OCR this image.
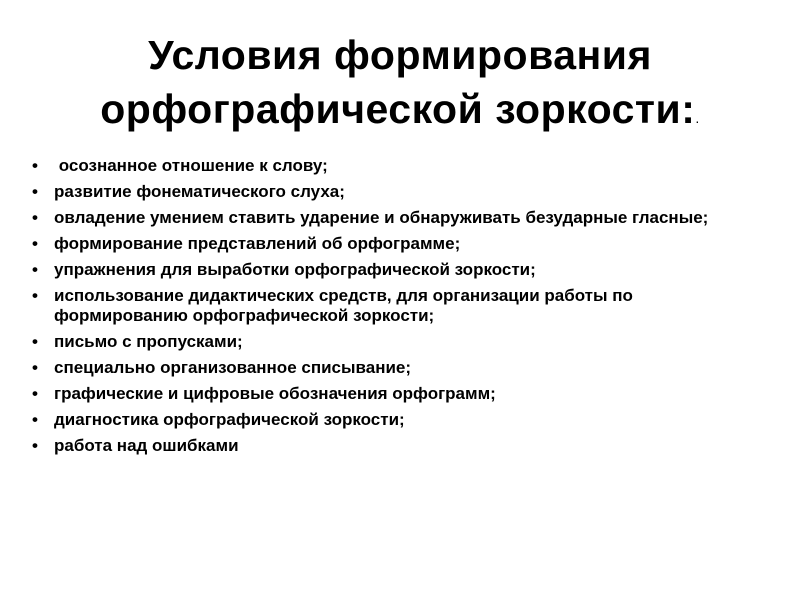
Условия формирования
орфографической зоркости:.
• осознанное отношение к слову;
• развитие фонематического слуха;
• овладение умением ставить ударение и обнаруживать безударные гласные;
• формирование представлений об орфограмме;
• упражнения для выработки орфографической зоркости;
• использование дидактических средств, для организации работы по формированию орфографической зоркости;
• письмо с пропусками;
• специально организованное списывание;
• графические и цифровые обозначения орфограмм;
• диагностика орфографической зоркости;
• работа над ошибками
